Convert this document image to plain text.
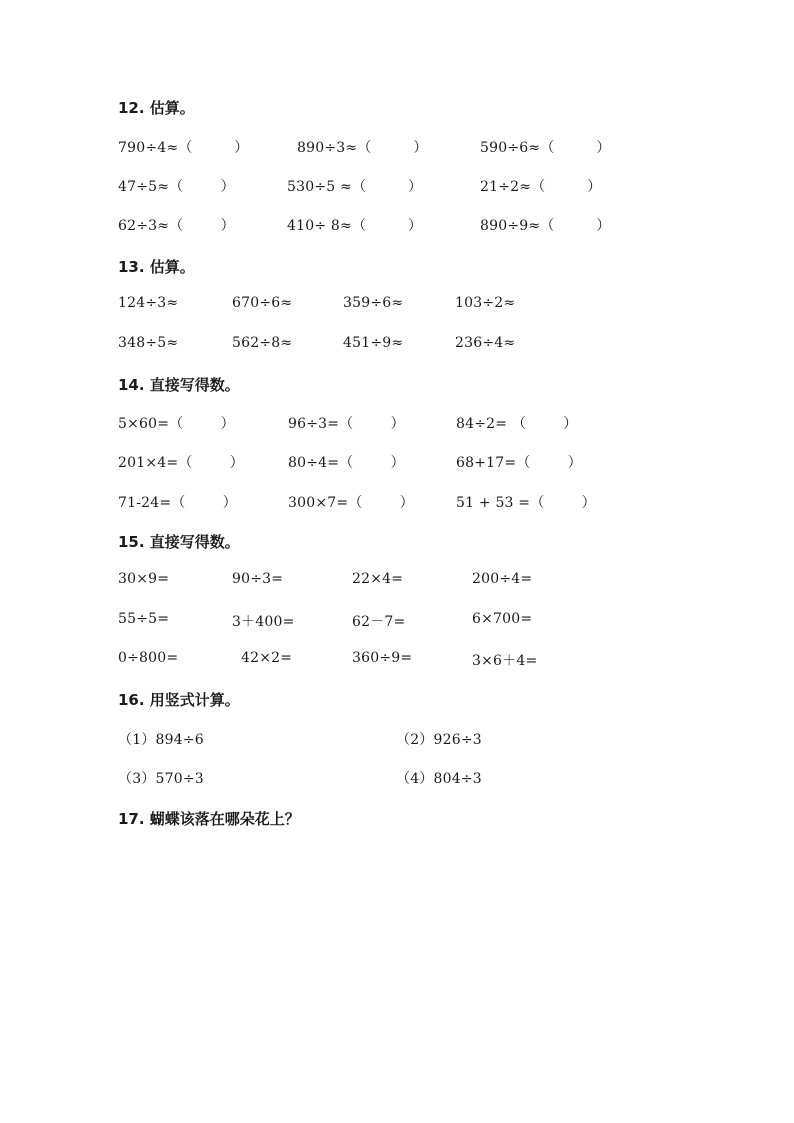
12. 估算。
790÷4≈（         ）	890÷3≈（         ）	590÷6≈（         ）
47÷5≈（        ）	530÷5 ≈（         ）	21÷2≈（         ）
62÷3≈（        ）	410÷ 8≈（         ）	890÷9≈（         ）
13. 估算。
124÷3≈	670÷6≈	359÷6≈	103÷2≈
348÷5≈	562÷8≈	451÷9≈	236÷4≈
14. 直接写得数。
5×60=（        ）	96÷3=（        ）	84÷2= （        ）
201×4=（        ）	80÷4=（        ）	68+17=（        ）
71-24=（        ）	300×7=（        ）	51 + 53 =（        ）
15. 直接写得数。
30×9=	90÷3=	22×4=	200÷4=
55÷5=	3＋400=	62－7=	6×700=
0÷800=	42×2=	360÷9=	3×6＋4=
16. 用竖式计算。
（1）894÷6	（2）926÷3
（3）570÷3	（4）804÷3
17. 蝴蝶该落在哪朵花上？
